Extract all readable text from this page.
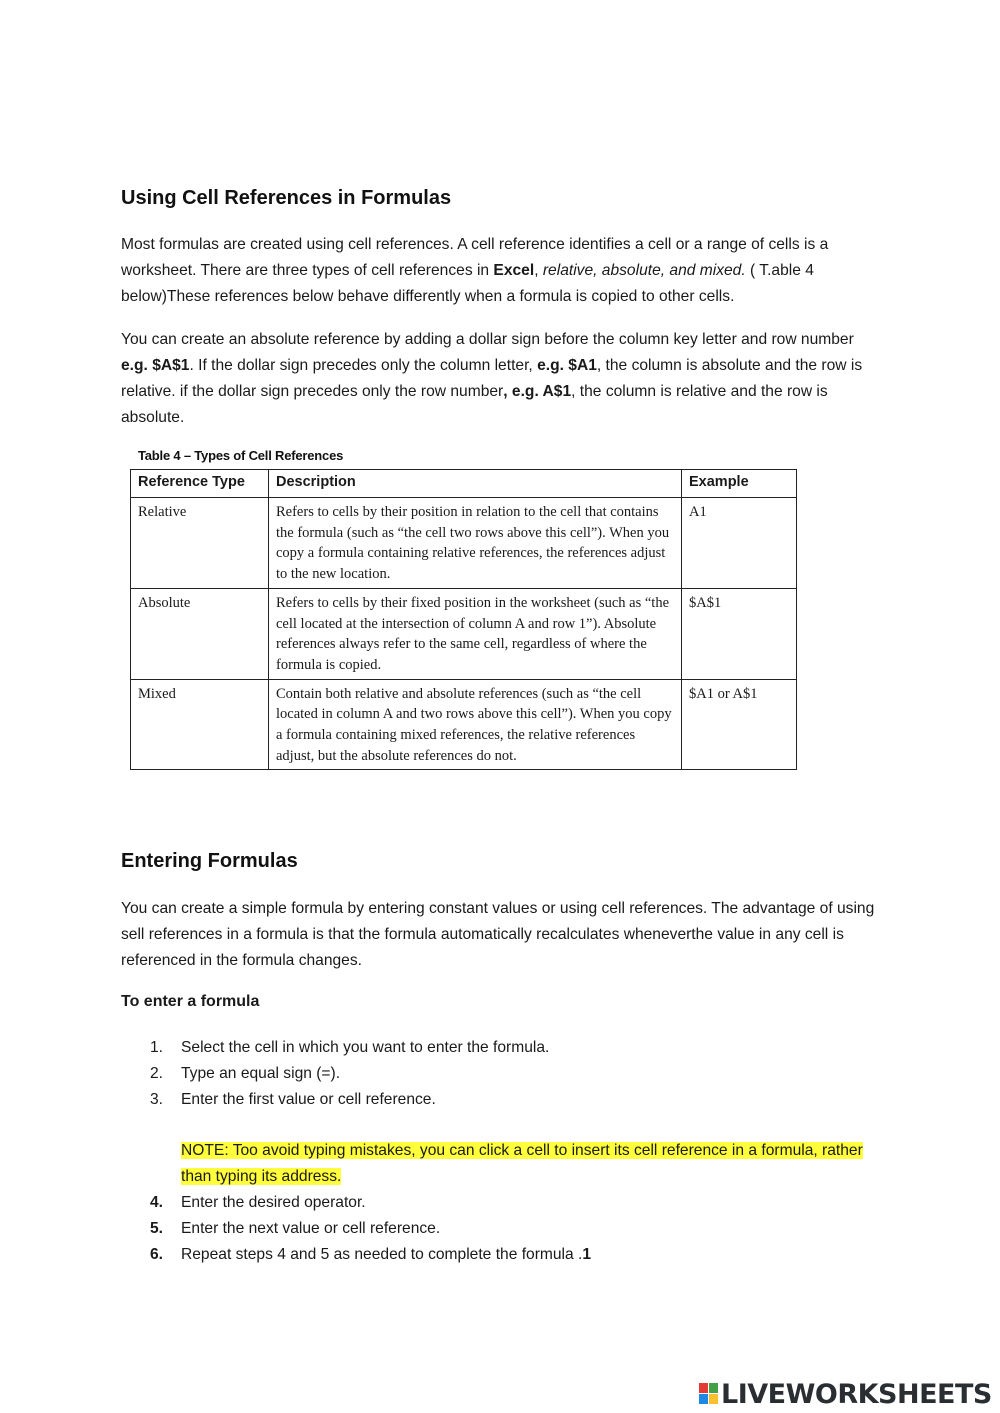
Using Cell References in Formulas

Most formulas are created using cell references. A cell reference identifies a cell or a range of cells is a worksheet. There are three types of cell references in Excel, relative, absolute, and mixed. ( T.able 4 below)These references below behave differently when a formula is copied to other cells.

You can create an absolute reference by adding a dollar sign before the column key letter and row number e.g. $A$1. If the dollar sign precedes only the column letter, e.g. $A1, the column is absolute and the row is relative. if the dollar sign precedes only the row number, e.g. A$1, the column is relative and the row is absolute.

Table 4 – Types of Cell References
Reference Type	Description	Example
Relative	Refers to cells by their position in relation to the cell that contains the formula (such as “the cell two rows above this cell”). When you copy a formula containing relative references, the references adjust to the new location.	A1
Absolute	Refers to cells by their fixed position in the worksheet (such as “the cell located at the intersection of column A and row 1”). Absolute references always refer to the same cell, regardless of where the formula is copied.	$A$1
Mixed	Contain both relative and absolute references (such as “the cell located in column A and two rows above this cell”). When you copy a formula containing mixed references, the relative references adjust, but the absolute references do not.	$A1 or A$1
Entering Formulas

You can create a simple formula by entering constant values or using cell references. The advantage of using sell references in a formula is that the formula automatically recalculates wheneverthe value in any cell is referenced in the formula changes.

To enter a formula
1. Select the cell in which you want to enter the formula.
2. Type an equal sign (=).
3. Enter the first value or cell reference.
NOTE: Too avoid typing mistakes, you can click a cell to insert its cell reference in a formula, rather than typing its address.
4. Enter the desired operator.
5. Enter the next value or cell reference.
6. Repeat steps 4 and 5 as needed to complete the formula .1
LIVEWORKSHEETS
